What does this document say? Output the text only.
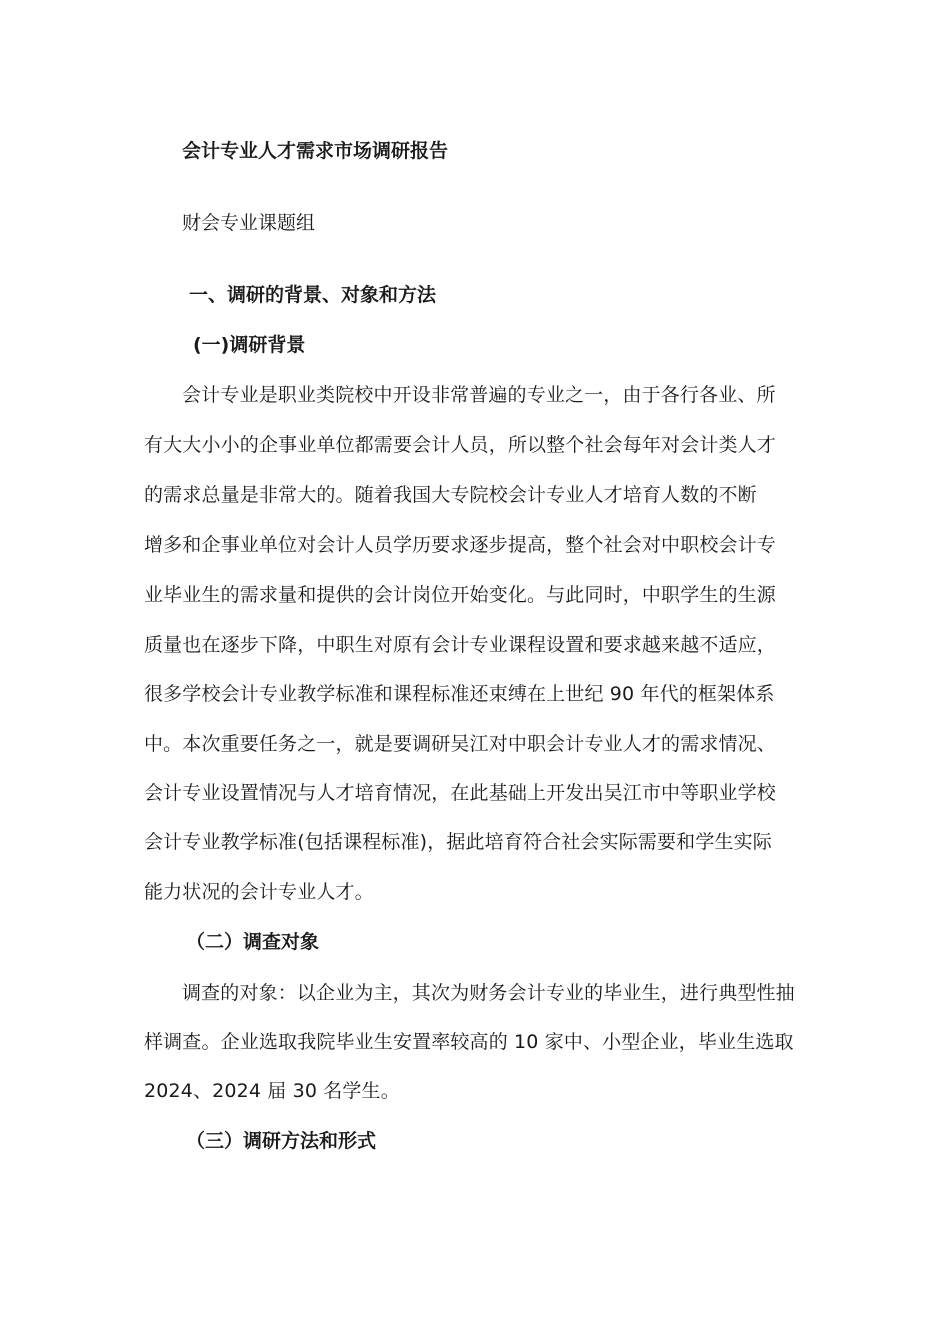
会计专业人才需求市场调研报告

财会专业课题组

一、调研的背景、对象和方法
(一)调研背景

会计专业是职业类院校中开设非常普遍的专业之一，由于各行各业、所

有大大小小的企事业单位都需要会计人员，所以整个社会每年对会计类人才

的需求总量是非常大的。随着我国大专院校会计专业人才培育人数的不断

增多和企事业单位对会计人员学历要求逐步提高，整个社会对中职校会计专

业毕业生的需求量和提供的会计岗位开始变化。与此同时，中职学生的生源

质量也在逐步下降，中职生对原有会计专业课程设置和要求越来越不适应，

很多学校会计专业教学标准和课程标准还束缚在上世纪 90 年代的框架体系

中。本次重要任务之一，就是要调研吴江对中职会计专业人才的需求情况、

会计专业设置情况与人才培育情况，在此基础上开发出吴江市中等职业学校

会计专业教学标准(包括课程标准)，据此培育符合社会实际需要和学生实际

能力状况的会计专业人才。

（二）调查对象

调查的对象：以企业为主，其次为财务会计专业的毕业生，进行典型性抽

样调查。企业选取我院毕业生安置率较高的 10 家中、小型企业，毕业生选取

2024、2024 届 30 名学生。

（三）调研方法和形式
